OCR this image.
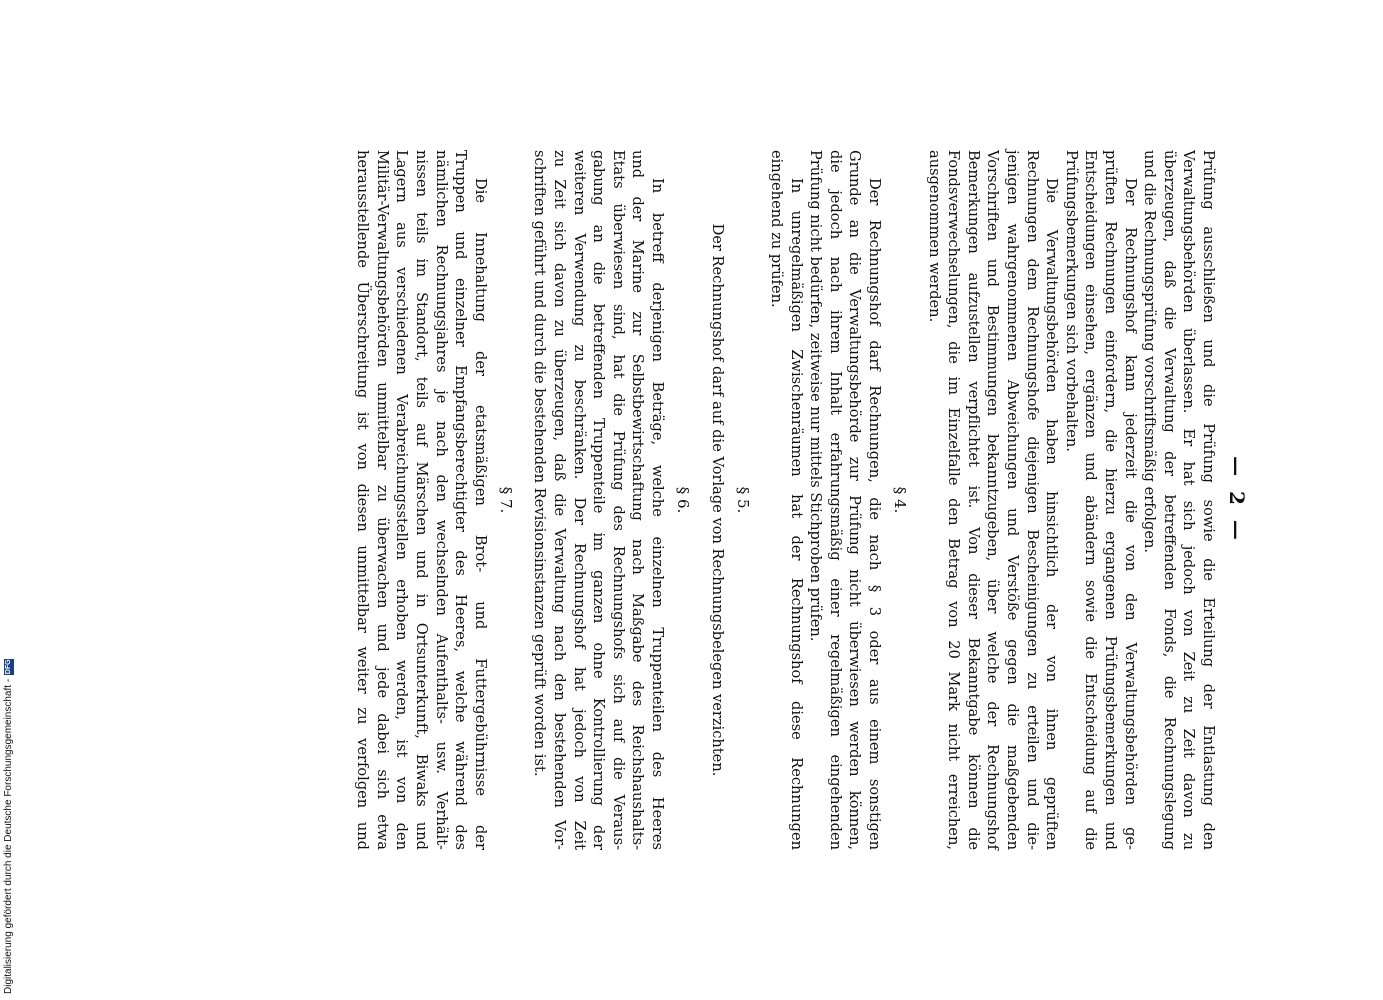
— 2 —
Prüfung ausschließen und die Prüfung sowie die Erteilung der Entlastung den
Verwaltungsbehörden überlassen. Er hat sich jedoch von Zeit zu Zeit davon zu
überzeugen, daß die Verwaltung der betreffenden Fonds, die Rechnungslegung
und die Rechnungsprüfung vorschriftsmäßig erfolgen.
Der Rechnungshof kann jederzeit die von den Verwaltungsbehörden ge-
prüften Rechnungen einfordern, die hierzu ergangenen Prüfungsbemerkungen und
Entscheidungen einsehen, ergänzen und abändern sowie die Entscheidung auf die
Prüfungsbemerkungen sich vorbehalten.
Die Verwaltungsbehörden haben hinsichtlich der von ihnen geprüften
Rechnungen dem Rechnungshofe diejenigen Bescheinigungen zu erteilen und die-
jenigen wahrgenommenen Abweichungen und Verstöße gegen die maßgebenden
Vorschriften und Bestimmungen bekanntzugeben, über welche der Rechnungshof
Bemerkungen aufzustellen verpflichtet ist. Von dieser Bekanntgabe können die
Fondsverwechselungen, die im Einzelfalle den Betrag von 20 Mark nicht erreichen,
ausgenommen werden.
§ 4.
Der Rechnungshof darf Rechnungen, die nach § 3 oder aus einem sonstigen
Grunde an die Verwaltungsbehörde zur Prüfung nicht überwiesen werden können,
die jedoch nach ihrem Inhalt erfahrungsmäßig einer regelmäßigen eingehenden
Prüfung nicht bedürfen, zeitweise nur mittels Stichproben prüfen.
In unregelmäßigen Zwischenräumen hat der Rechnungshof diese Rechnungen
eingehend zu prüfen.
§ 5.
Der Rechnungshof darf auf die Vorlage von Rechnungsbelegen verzichten.
§ 6.
In betreff derjenigen Beträge, welche einzelnen Truppenteilen des Heeres
und der Marine zur Selbstbewirtschaftung nach Maßgabe des Reichshaushalts-
Etats überwiesen sind, hat die Prüfung des Rechnungshofs sich auf die Veraus-
gabung an die betreffenden Truppenteile im ganzen ohne Kontrollierung der
weiteren Verwendung zu beschränken. Der Rechnungshof hat jedoch von Zeit
zu Zeit sich davon zu überzeugen, daß die Verwaltung nach den bestehenden Vor-
schriften geführt und durch die bestehenden Revisionsinstanzen geprüft worden ist.
§ 7.
Die Innehaltung der etatsmäßigen Brot- und Futtergebührnisse der
Truppen und einzelner Empfangsberechtigter des Heeres, welche während des
nämlichen Rechnungsjahres je nach den wechselnden Aufenthalts- usw. Verhält-
nissen teils im Standort, teils auf Märschen und in Ortsunterkunft, Biwaks und
Lagern aus verschiedenen Verabreichungsstellen erhoben werden, ist von den
Militär-Verwaltungsbehörden unmittelbar zu überwachen und jede dabei sich etwa
herausstellende Überschreitung ist von diesen unmittelbar weiter zu verfolgen und
Digitalisierung gefördert durch die Deutsche Forschungsgemeinschaft -
DFG
